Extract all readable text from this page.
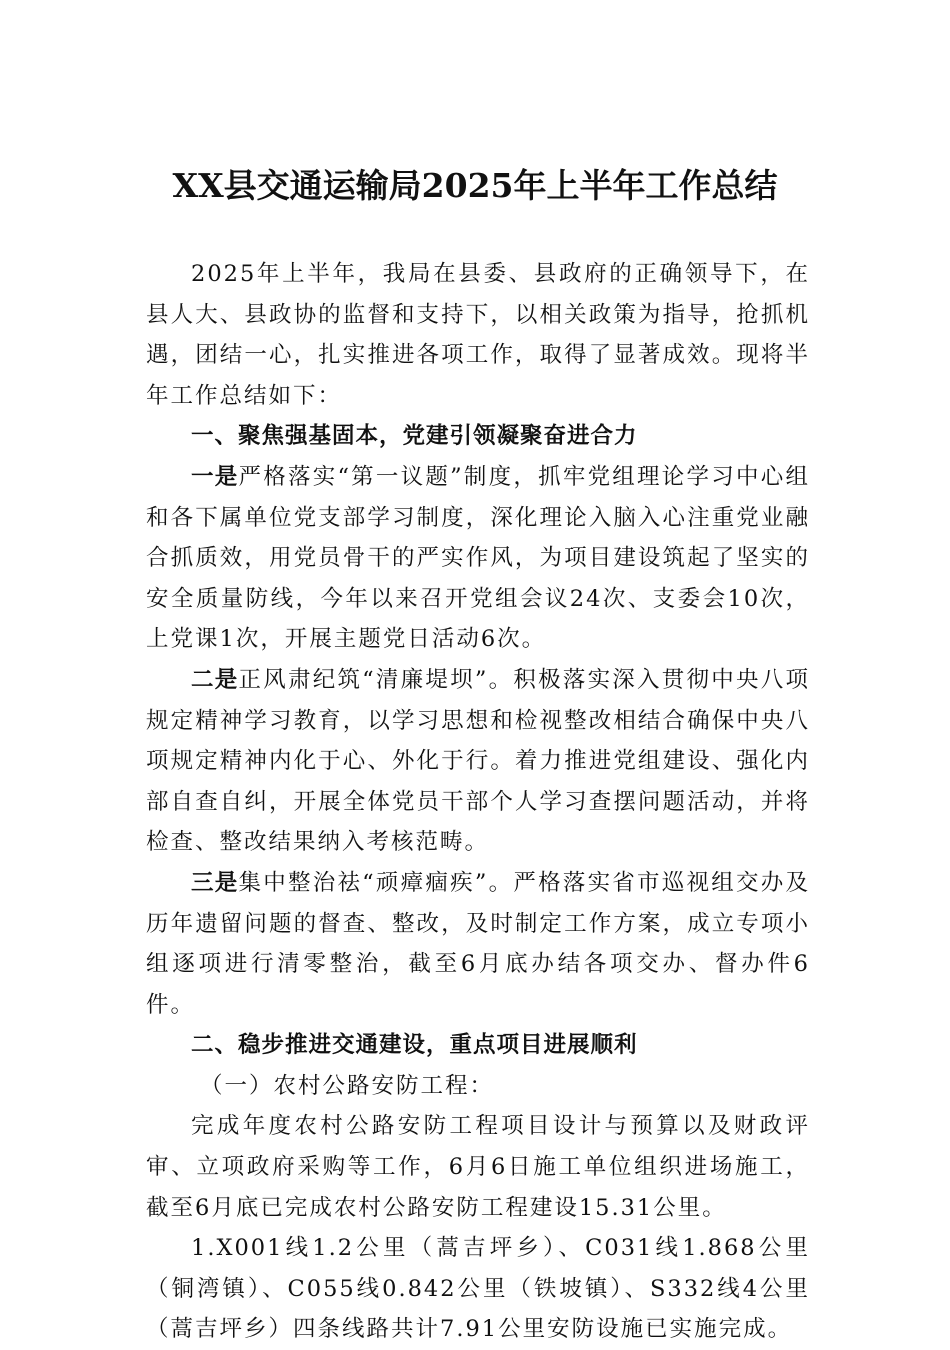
XX县交通运输局2025年上半年工作总结

2025年上半年，我局在县委、县政府的正确领导下，在县人大、县政协的监督和支持下，以相关政策为指导，抢抓机遇，团结一心，扎实推进各项工作，取得了显著成效。现将半年工作总结如下：

一、聚焦强基固本，党建引领凝聚奋进合力

一是严格落实“第一议题”制度，抓牢党组理论学习中心组和各下属单位党支部学习制度，深化理论入脑入心注重党业融合抓质效，用党员骨干的严实作风，为项目建设筑起了坚实的安全质量防线，今年以来召开党组会议24次、支委会10次，上党课1次，开展主题党日活动6次。

二是正风肃纪筑“清廉堤坝”。积极落实深入贯彻中央八项规定精神学习教育，以学习思想和检视整改相结合确保中央八项规定精神内化于心、外化于行。着力推进党组建设、强化内部自查自纠，开展全体党员干部个人学习查摆问题活动，并将检查、整改结果纳入考核范畴。

三是集中整治祛“顽瘴痼疾”。严格落实省市巡视组交办及历年遗留问题的督查、整改，及时制定工作方案，成立专项小组逐项进行清零整治，截至6月底办结各项交办、督办件6件。

二、稳步推进交通建设，重点项目进展顺利

（一）农村公路安防工程：

完成年度农村公路安防工程项目设计与预算以及财政评审、立项政府采购等工作，6月6日施工单位组织进场施工，截至6月底已完成农村公路安防工程建设15.31公里。

1.X001线1.2公里（蒿吉坪乡）、C031线1.868公里（铜湾镇）、C055线0.842公里（铁坡镇）、S332线4公里（蒿吉坪乡）四条线路共计7.91公里安防设施已实施完成。
